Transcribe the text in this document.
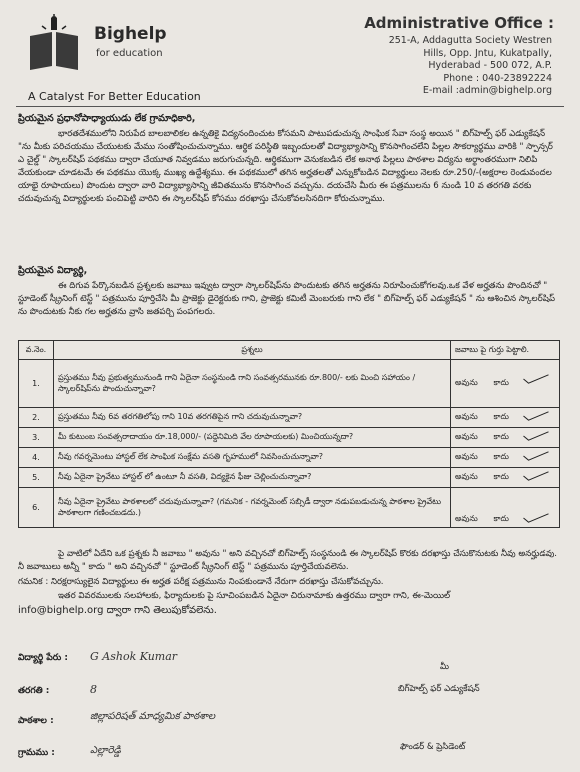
Bighelp
for education
A Catalyst For Better Education
Administrative Office :
251-A, Addagutta Society Westren
Hills, Opp. Jntu, Kukatpally,
Hyderabad - 500 072, A.P.
Phone : 040-23892224
E-mail :admin@bighelp.org
ప్రియమైన ప్రధానోపాధ్యాయుడు లేక గ్రామాధికారి,
భారతదేశములోని నిరుపేద బాలబాలికల ఉన్నతికై విద్యనందించుట కోసమని పాటుపడుచున్న సాంఘిక సేవా సంస్థ అయిన " బిగ్‌హెల్ప్ ఫర్ ఎడ్యుకేషన్ "ను మీకు పరిచయము చేయుటకు మేము సంతోషించుచున్నాము. ఆర్థిక పరిస్థితి ఇబ్బందులతో విద్యాభ్యాసాన్ని కొనసాగించలేని పిల్లల సౌకర్యార్థము వారికి " స్పాన్సర్ ఎ చైల్డ్ " స్కాలర్‌షిప్ పథకము ద్వారా చేయూత నివ్వడము జరుగుచున్నది. ఆర్థికముగా వెనుకబడిన లేక అనాథ పిల్లలు పాఠశాల విద్యను అర్థాంతరముగా నిలిపి వేయకుండా చూడటమే ఈ పథకము యొక్క ముఖ్య ఉద్దేశ్యము. ఈ పథకములో తగిన అర్హతలతో ఎన్నుకోబడిన విద్యార్థులు నెలకు రూ.250/-(అక్షరాల రెండువందల యాభై రూపాయలు) పొందుట ద్వారా వారి విద్యాభ్యాసాన్ని జీవితమును కొనసాగించ వచ్చును. దయచేసి మీరు ఈ పత్రములను 6 నుండి 10 వ తరగతి వరకు చదువుచున్న విద్యార్థులకు పంచిపెట్టి వారిని ఈ స్కాలర్‌షిప్ కోసము దరఖాస్తు చేసుకోవలసినదిగా కోరుచున్నాము.
ప్రియమైన విద్యార్థి,
ఈ దిగువ పేర్కొనబడిన ప్రశ్నలకు జవాబు ఇవ్వుట ద్వారా స్కాలర్‌షిప్‌ను పొందుటకు తగిన అర్హతను నిరూపించుకోగలవు.ఒక వేళ అర్హతను పొందినచో " స్టూడెంట్ స్క్రీనింగ్ టెస్ట్ " పత్రమును పూర్తిచేసి మీ ప్రాజెక్టు డైరెక్టరుకు గాని, ప్రాజెక్టు కమిటీ మెంబరుకు గాని లేక " బిగ్‌హెల్ప్ ఫర్ ఎడ్యుకేషన్ " ను ఆశించిన స్కాలర్‌షిప్ ను పొందుటకు నీకు గల అర్హతను వ్రాసి జతపర్చి పంపగలరు.
వ.నెం.	ప్రశ్నలు	జవాబు పై గుర్తు పెట్టాలి.
1.	ప్రస్తుతము నీవు ప్రభుత్వమునుండి గాని ఏదైనా సంస్థనుండి గాని సంవత్సరమునకు రూ.800/- లకు మించి సహాయం / స్కాలర్‌షిప్‌ను పొందుచున్నావా?	అవును కాదు

2.	ప్రస్తుతము నీవు 6వ తరగతిలోపు గాని 10వ తరగతిపైన గాని చదువుచున్నావా?	అవును కాదు

3.	మీ కుటుంబ సంవత్సరాదాయం రూ.18,000/- (పద్దెనిమిది వేల రూపాయలకు) మించియున్నదా?	అవును కాదు

4.	నీవు గవర్నమెంటు హాస్టల్ లేక సాంఘిక సంక్షేమ వసతి గృహములో నివసించుచున్నావా?	అవును కాదు

5.	నీవు ఏదైనా ప్రైవేటు హాస్టల్ లో ఉంటూ నీ వసతి, విద్యకైన ఫీజు చెల్లించుచున్నావా?	అవును కాదు

6.	నీవు ఏదైనా ప్రైవేటు పాఠశాలలో చదువుచున్నావా? (గమనిక - గవర్నమెంట్ సబ్సిడీ ద్వారా నడుపబడుచున్న పాఠశాల ప్రైవేటు పాఠశాలగా గణించబడదు.)	అవును కాదు
పై వాటిలో ఏదేని ఒక ప్రశ్నకు నీ జవాబు " అవును " అని వచ్చినచో బిగ్‌హెల్ప్ సంస్థనుండి ఈ స్కాలర్‌షిప్ కొరకు దరఖాస్తు చేసుకొనుటకు నీవు అనర్హుడవు. నీ జవాబులు అన్నీ " కాదు " అని వచ్చినచో " స్టూడెంట్ స్క్రీనింగ్ టెస్ట్ " పత్రమును పూర్తిచేయవలెను.
గమనిక : నిరక్షరాస్యులైన విద్యార్థులు ఈ అర్హత పరీక్ష పత్రమును నింపకుండానే నేరుగా దరఖాస్తు చేసుకోవచ్చును.
ఇతర వివరములకు సలహాలకు, ఫిర్యాదులకు పై సూచింపబడిన ఏదైనా చిరునామాకు ఉత్తరము ద్వారా గాని, ఈ-మెయిల్
info@bighelp.org ద్వారా గాని తెలుపుకోవలెను.
విద్యార్థి పేరు : G Ashok Kumar
తరగతి :	8
పాఠశాల :	జిల్లాపరిషత్ మాధ్యమిక పాఠశాల
గ్రామము :	ఎల్లారెడ్డి
మీ
బిగ్‌హెల్ప్ ఫర్ ఎడ్యుకేషన్
ఫౌండర్ & ప్రెసిడెంట్
